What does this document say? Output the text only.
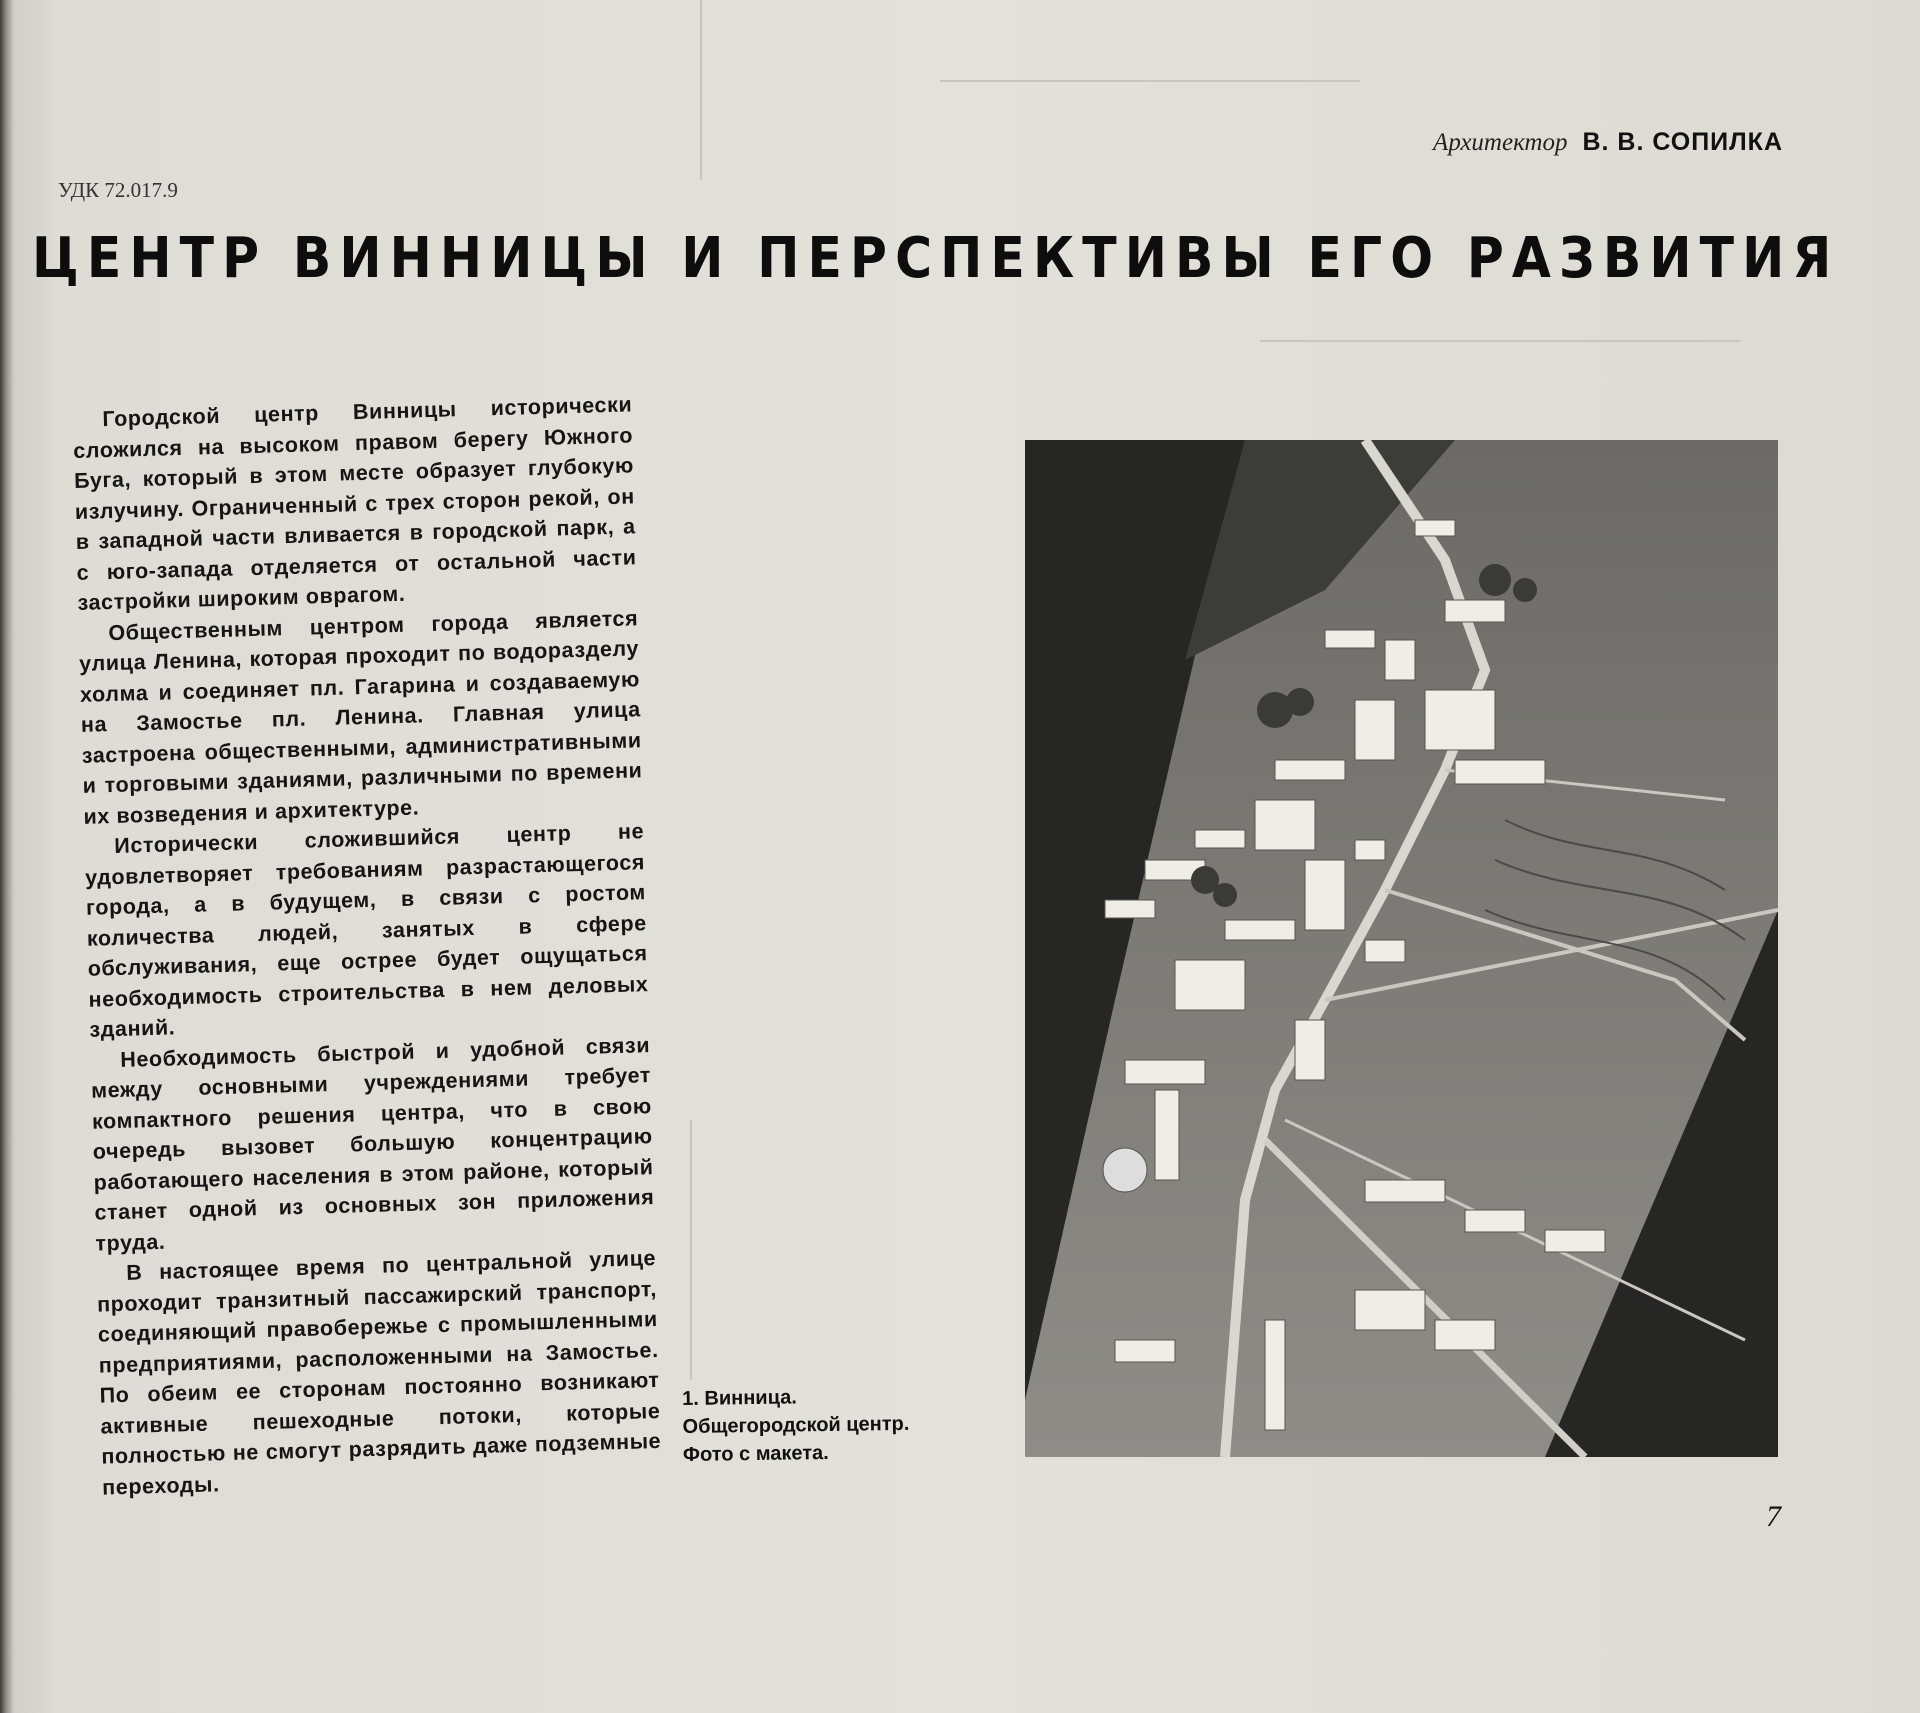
Архитектор В. В. СОПИЛКА
УДК 72.017.9
ЦЕНТР ВИННИЦЫ И ПЕРСПЕКТИВЫ ЕГО РАЗВИТИЯ

Городской центр Винницы исторически сложился на высоком правом берегу Южного Буга, который в этом месте образует глубокую излучину. Ограниченный с трех сторон рекой, он в западной части вливается в городской парк, а с юго-запада отделяется от остальной части застройки широким оврагом.

Общественным центром города является улица Ленина, которая проходит по водоразделу холма и соединяет пл. Гагарина и создаваемую на Замостье пл. Ленина. Главная улица застроена общественными, административными и торговыми зданиями, различными по времени их возведения и архитектуре.

Исторически сложившийся центр не удовлетворяет требованиям разрастающегося города, а в будущем, в связи с ростом количества людей, занятых в сфере обслуживания, еще острее будет ощущаться необходимость строительства в нем деловых зданий.

Необходимость быстрой и удобной связи между основными учреждениями требует компактного решения центра, что в свою очередь вызовет большую концентрацию работающего населения в этом районе, который станет одной из основных зон приложения труда.

В настоящее время по центральной улице проходит транзитный пассажирский транспорт, соединяющий правобережье с промышленными предприятиями, расположенными на Замостье. По обеим ее сторонам постоянно возникают активные пешеходные потоки, которые полностью не смогут разрядить даже подземные переходы.

1. Винница. Общегородской центр. Фото с макета.
7
